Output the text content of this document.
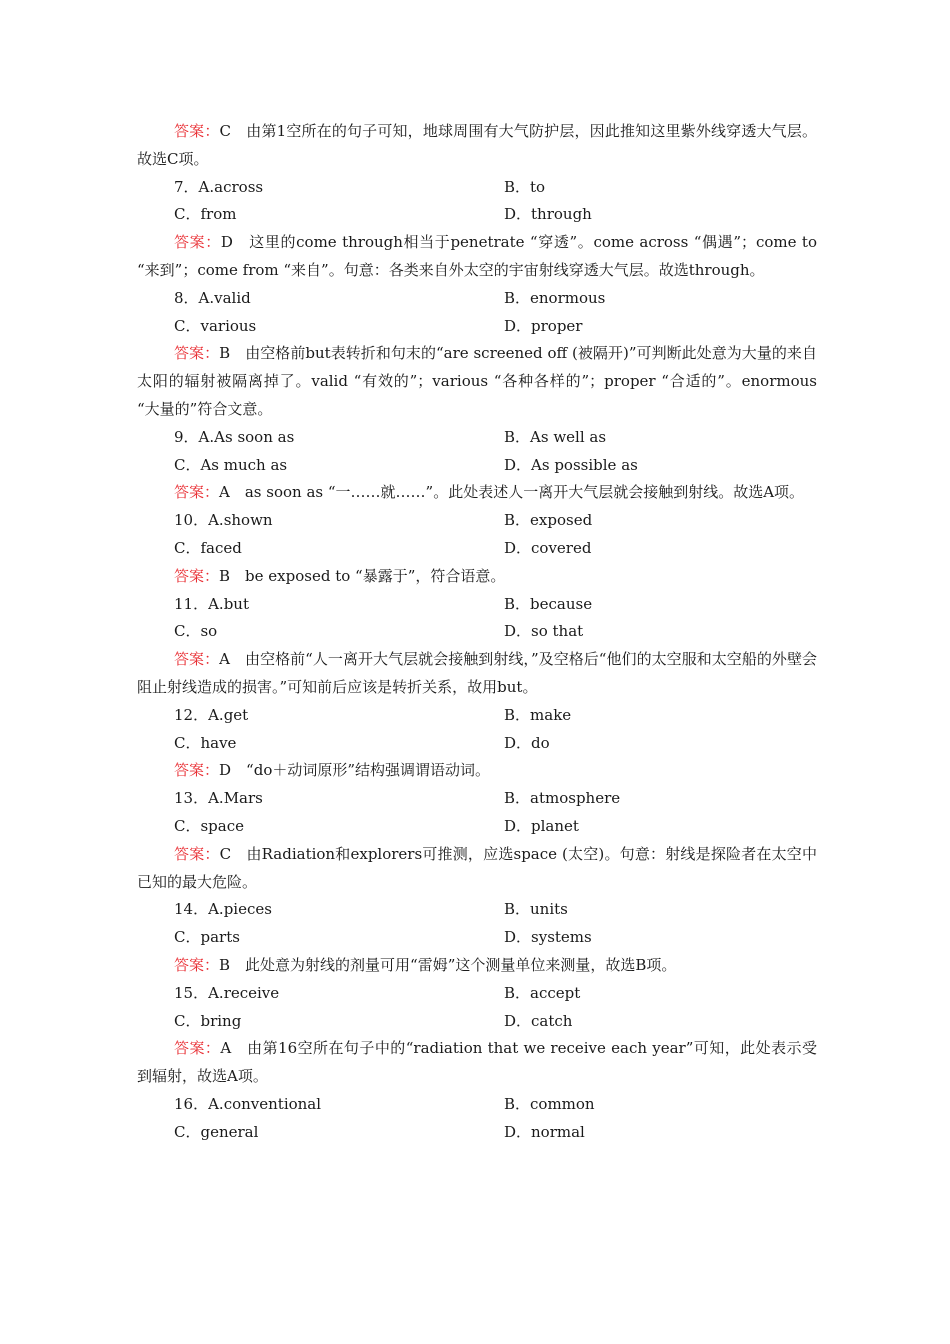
答案：C　由第1空所在的句子可知，地球周围有大气防护层，因此推知这里紫外线穿透大气层。故选C项。
7．A.across	B．to
C．from	D．through
答案：D　这里的come through相当于penetrate “穿透”。come across “偶遇”；come to “来到”；come from “来自”。句意：各类来自外太空的宇宙射线穿透大气层。故选through。
8．A.valid	B．enormous
C．various	D．proper
答案：B　由空格前but表转折和句末的“are screened off (被隔开)”可判断此处意为大量的来自太阳的辐射被隔离掉了。valid “有效的”；various “各种各样的”；proper “合适的”。enormous “大量的”符合文意。
9．A.As soon as	B．As well as
C．As much as	D．As possible as
答案：A　as soon as “一……就……”。此处表述人一离开大气层就会接触到射线。故选A项。
10．A.shown	B．exposed
C．faced	D．covered
答案：B　be exposed to “暴露于”，符合语意。
11．A.but	B．because
C．so	D．so that
答案：A　由空格前“人一离开大气层就会接触到射线，”及空格后“他们的太空服和太空船的外壁会阻止射线造成的损害。”可知前后应该是转折关系，故用but。
12．A.get	B．make
C．have	D．do
答案：D　“do＋动词原形”结构强调谓语动词。
13．A.Mars	B．atmosphere
C．space	D．planet
答案：C　由Radiation和explorers可推测，应选space (太空)。句意：射线是探险者在太空中已知的最大危险。
14．A.pieces	B．units
C．parts	D．systems
答案：B　此处意为射线的剂量可用“雷姆”这个测量单位来测量，故选B项。
15．A.receive	B．accept
C．bring	D．catch
答案：A　由第16空所在句子中的“radiation that we receive each year”可知，此处表示受到辐射，故选A项。
16．A.conventional	B．common
C．general	D．normal
